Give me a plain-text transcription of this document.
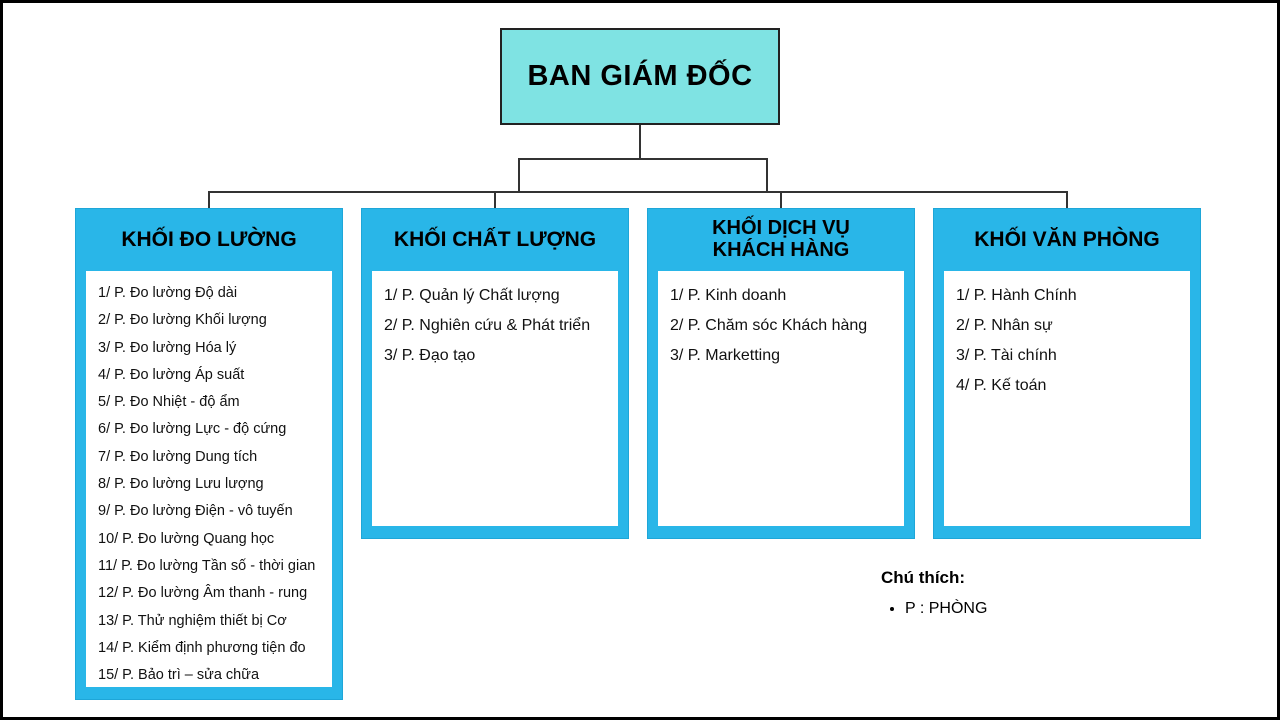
BAN GIÁM ĐỐC
KHỐI ĐO LƯỜNG
1/ P. Đo lường Độ dài
2/ P. Đo lường Khối lượng
3/ P. Đo lường Hóa lý
4/ P. Đo lường Áp suất
5/ P. Đo Nhiệt - độ ẩm
6/ P. Đo lường Lực - độ cứng
7/ P. Đo lường Dung tích
8/ P. Đo lường Lưu lượng
9/ P. Đo lường Điện - vô tuyến
10/ P. Đo lường Quang học
11/ P. Đo lường Tần số - thời gian
12/ P. Đo lường Âm thanh - rung
13/ P. Thử nghiệm thiết bị Cơ
14/ P. Kiểm định phương tiện đo
15/ P. Bảo trì – sửa chữa
KHỐI CHẤT LƯỢNG
1/ P. Quản lý Chất lượng
2/ P. Nghiên cứu & Phát triển
3/ P. Đạo tạo
KHỐI DỊCH VỤ
KHÁCH HÀNG
1/ P. Kinh doanh
2/ P. Chăm sóc Khách hàng
3/ P. Marketting
KHỐI VĂN PHÒNG
1/ P. Hành Chính
2/ P. Nhân sự
3/ P. Tài chính
4/ P. Kế toán
Chú thích:
• P : PHÒNG
